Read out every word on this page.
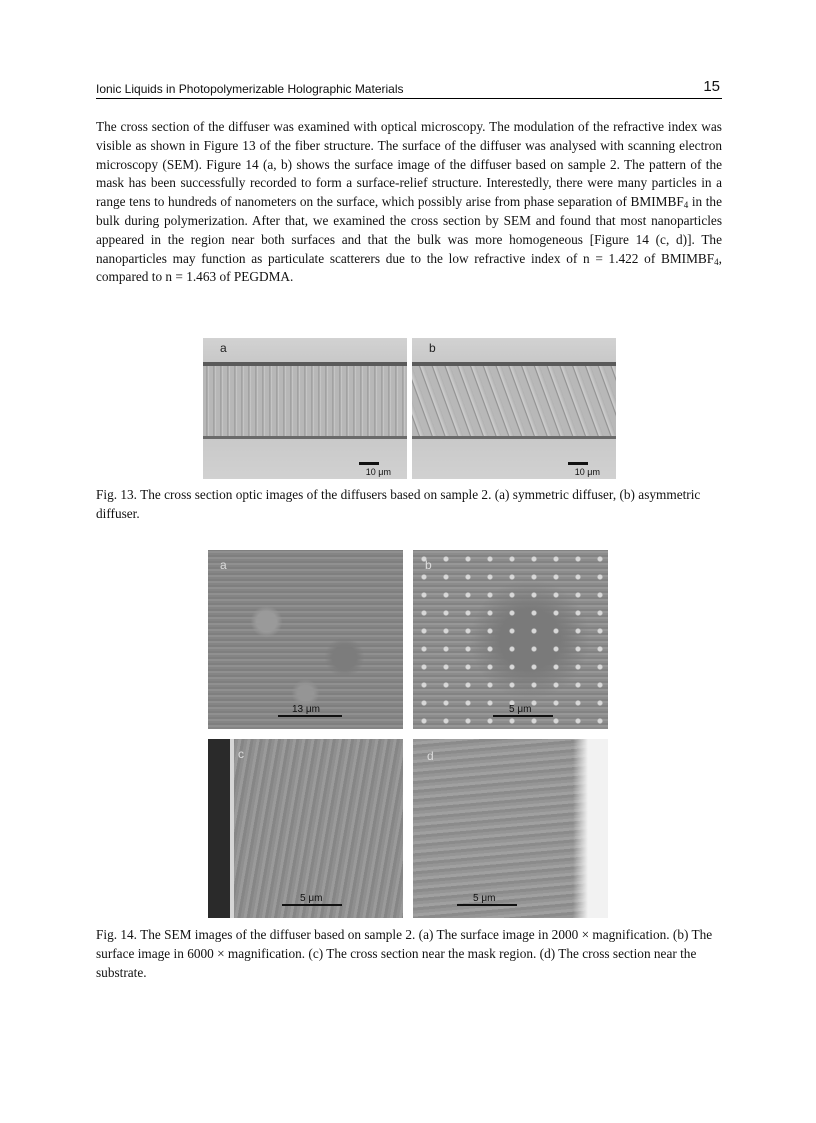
Ionic Liquids in Photopolymerizable Holographic Materials	15

The cross section of the diffuser was examined with optical microscopy. The modulation of the refractive index was visible as shown in Figure 13 of the fiber structure. The surface of the diffuser was analysed with scanning electron microscopy (SEM). Figure 14 (a, b) shows the surface image of the diffuser based on sample 2. The pattern of the mask has been successfully recorded to form a surface-relief structure. Interestedly, there were many particles in a range tens to hundreds of nanometers on the surface, which possibly arise from phase separation of $BMIMBF_4$ in the bulk during polymerization. After that, we examined the cross section by SEM and found that most nanoparticles appeared in the region near both surfaces and that the bulk was more homogeneous [Figure 14 (c, d)]. The nanoparticles may function as particulate scatterers due to the low refractive index of n = 1.422 of $BMIMBF_4$, compared to n = 1.463 of PEGDMA.

a
10 μm
b
10 μm

Fig. 13. The cross section optic images of the diffusers based on sample 2. (a) symmetric diffuser, (b) asymmetric diffuser.

a
13 μm
b
5 μm
c
5 μm
d
5 μm

Fig. 14. The SEM images of the diffuser based on sample 2. (a) The surface image in 2000 × magnification. (b) The surface image in 6000 × magnification. (c) The cross section near the mask region. (d) The cross section near the substrate.
